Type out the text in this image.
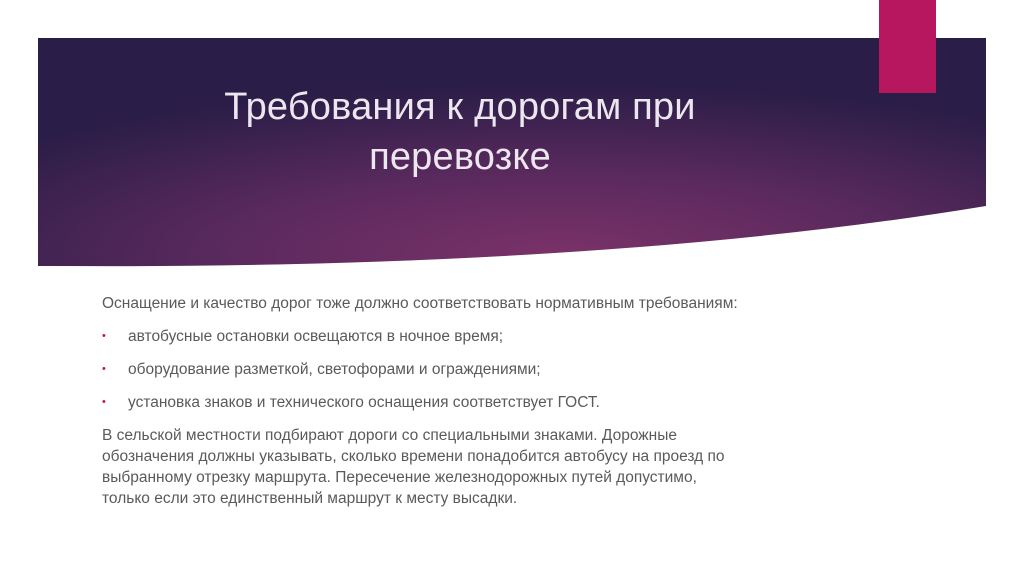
Требования к дорогам при
перевозке

Оснащение и качество дорог тоже должно соответствовать нормативным требованиям:

• автобусные остановки освещаются в ночное время;
• оборудование разметкой, светофорами и ограждениями;
• установка знаков и технического оснащения соответствует ГОСТ.
В сельской местности подбирают дороги со специальными знаками. Дорожные
обозначения должны указывать, сколько времени понадобится автобусу на проезд по
выбранному отрезку маршрута. Пересечение железнодорожных путей допустимо,
только если это единственный маршрут к месту высадки.
